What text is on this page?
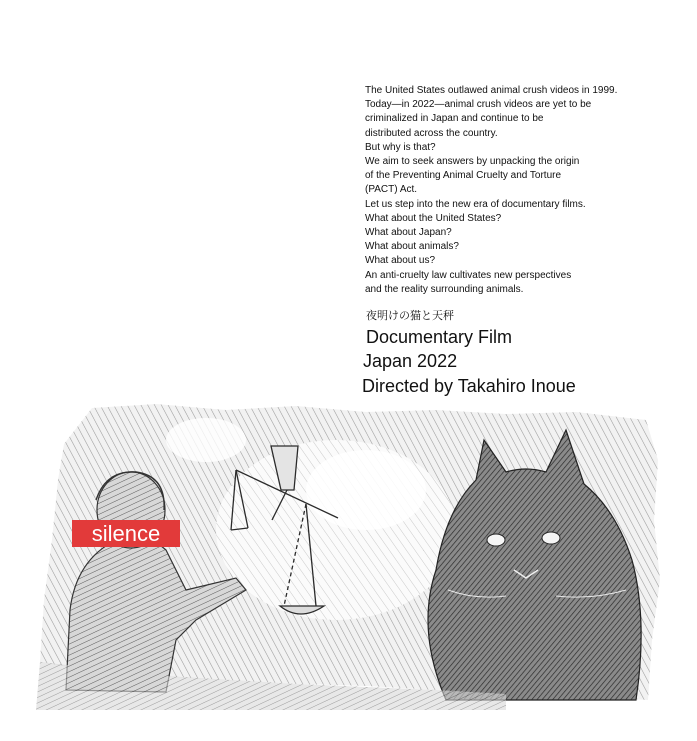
The United States outlawed animal crush videos in 1999.
Today—in 2022—animal crush videos are yet to be
criminalized in Japan and continue to be
distributed across the country.
But why is that?
We aim to seek answers by unpacking the origin
of the Preventing Animal Cruelty and Torture
(PACT) Act.
Let us step into the new era of documentary films.
What about the United States?
What about Japan?
What about animals?
What about us?
An anti-cruelty law cultivates new perspectives
and the reality surrounding animals.
夜明けの猫と天秤
Documentary Film
Japan 2022
Directed by Takahiro Inoue
silence
